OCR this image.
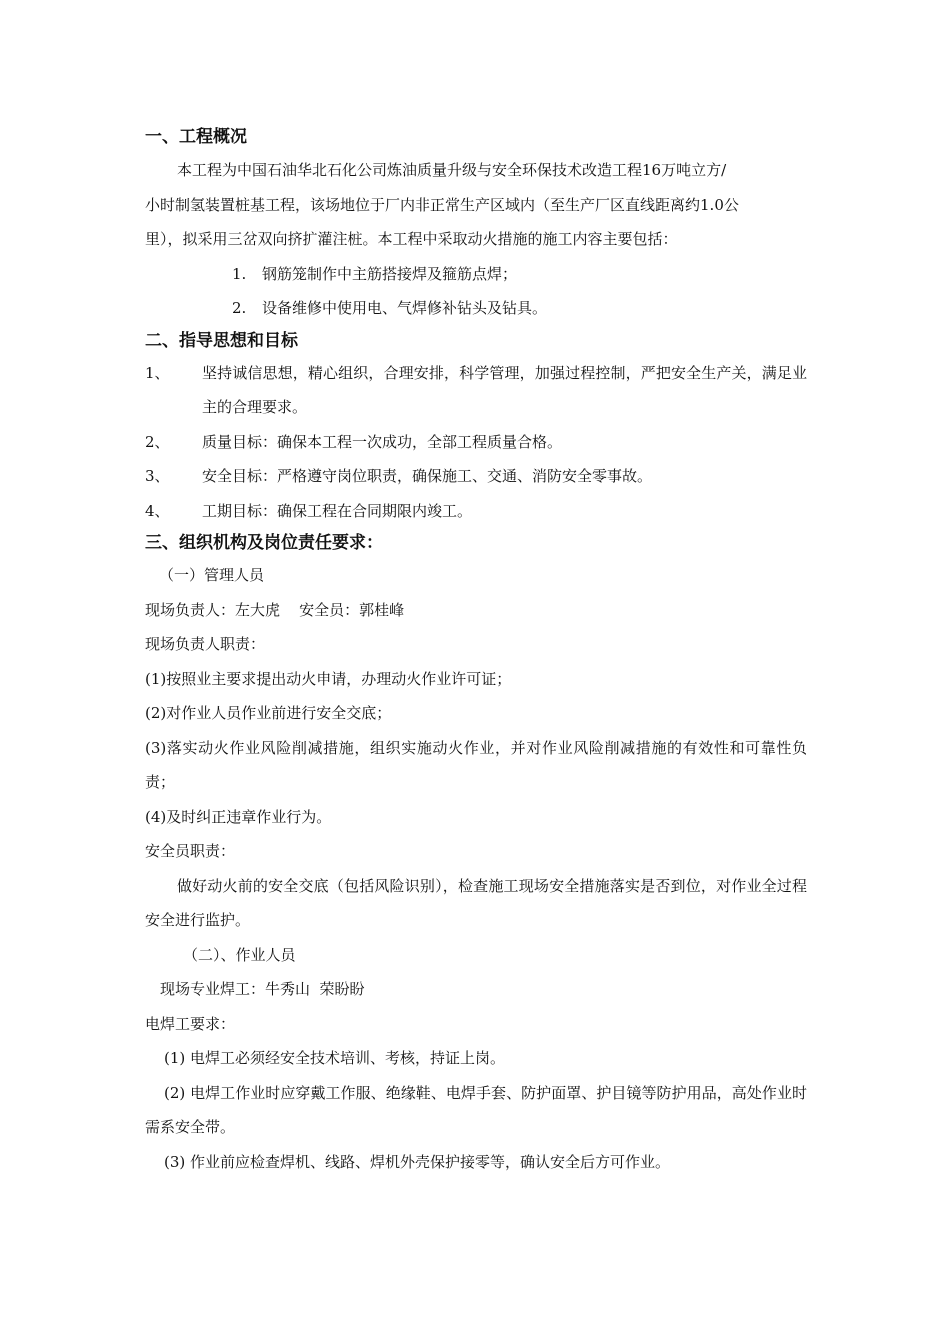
一、工程概况

本工程为中国石油华北石化公司炼油质量升级与安全环保技术改造工程16万吨立方/

小时制氢装置桩基工程，该场地位于厂内非正常生产区域内（至生产厂区直线距离约1.0公

里），拟采用三岔双向挤扩灌注桩。本工程中采取动火措施的施工内容主要包括：

1.	钢筋笼制作中主筋搭接焊及箍筋点焊；
2.	设备维修中使用电、气焊修补钻头及钻具。
二、指导思想和目标
1、	坚持诚信思想，精心组织，合理安排，科学管理，加强过程控制，严把安全生产关，满足业主的合理要求。
2、	质量目标：确保本工程一次成功，全部工程质量合格。
3、	安全目标：严格遵守岗位职责，确保施工、交通、消防安全零事故。
4、	工期目标：确保工程在合同期限内竣工。
三、组织机构及岗位责任要求：

（一）管理人员

现场负责人：左大虎    安全员：郭桂峰

现场负责人职责：

(1)按照业主要求提出动火申请，办理动火作业许可证；

(2)对作业人员作业前进行安全交底；

(3)落实动火作业风险削减措施，组织实施动火作业，并对作业风险削减措施的有效性和可靠性负责；

(4)及时纠正违章作业行为。

安全员职责：

做好动火前的安全交底（包括风险识别），检查施工现场安全措施落实是否到位，对作业全过程安全进行监护。

（二）、作业人员

现场专业焊工：牛秀山  荣盼盼

电焊工要求：

(1) 电焊工必须经安全技术培训、考核，持证上岗。

(2) 电焊工作业时应穿戴工作服、绝缘鞋、电焊手套、防护面罩、护目镜等防护用品，高处作业时需系安全带。

(3) 作业前应检查焊机、线路、焊机外壳保护接零等，确认安全后方可作业。
